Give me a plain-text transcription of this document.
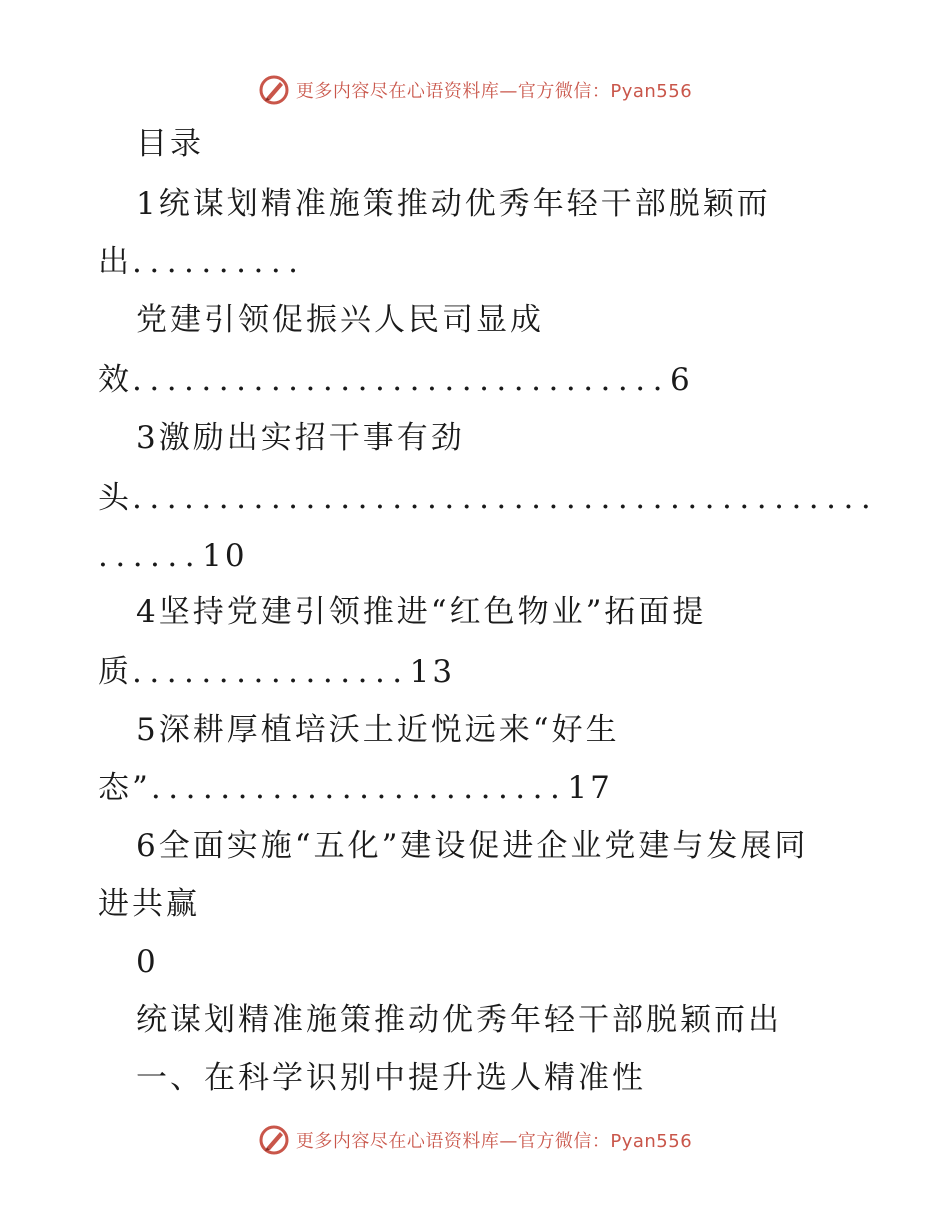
更多内容尽在心语资料库—官方微信：Pyan556
目录
1统谋划精准施策推动优秀年轻干部脱颖而
出..........
党建引领促振兴人民司显成
效...............................6
3激励出实招干事有劲
头...........................................
......10
4坚持党建引领推进“红色物业”拓面提
质................13
5深耕厚植培沃土近悦远来“好生
态”........................17
6全面实施“五化”建设促进企业党建与发展同
进共赢
0
统谋划精准施策推动优秀年轻干部脱颖而出
一、在科学识别中提升选人精准性
更多内容尽在心语资料库—官方微信：Pyan556
